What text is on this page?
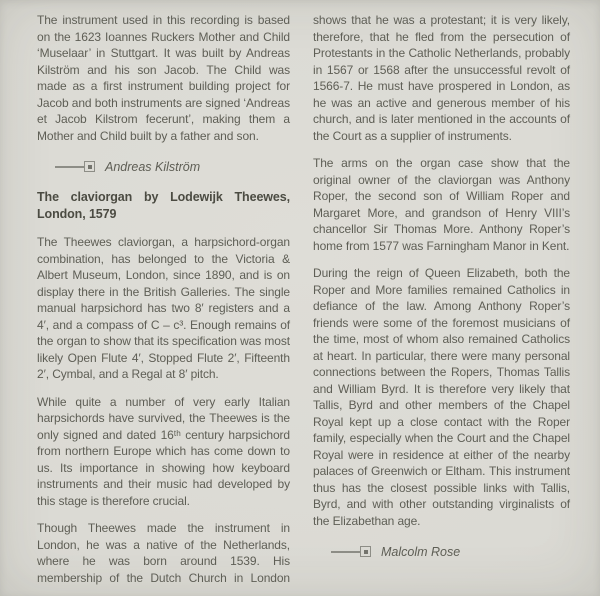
The instrument used in this recording is based on the 1623 Ioannes Ruckers Mother and Child ‘Muselaar’ in Stuttgart. It was built by Andreas Kilström and his son Jacob. The Child was made as a first instrument building project for Jacob and both instruments are signed ‘Andreas et Jacob Kilstrom fecerunt’, making them a Mother and Child built by a father and son.

Andreas Kilström
The claviorgan by Lodewijk Theewes, London, 1579

The Theewes claviorgan, a harpsichord-organ combination, has belonged to the Victoria & Albert Museum, London, since 1890, and is on display there in the British Galleries. The single manual harpsichord has two 8′ registers and a 4′, and a compass of C – c³. Enough remains of the organ to show that its specification was most likely Open Flute 4′, Stopped Flute 2′, Fifteenth 2′, Cymbal, and a Regal at 8′ pitch.

While quite a number of very early Italian harpsichords have survived, the Theewes is the only signed and dated 16ᵗʰ century harpsichord from northern Europe which has come down to us. Its importance in showing how keyboard instruments and their music had developed by this stage is therefore crucial.

Though Theewes made the instrument in London, he was a native of the Netherlands, where he was born around 1539. His membership of the Dutch Church in London

shows that he was a protestant; it is very likely, therefore, that he fled from the persecution of Protestants in the Catholic Netherlands, probably in 1567 or 1568 after the unsuccessful revolt of 1566-7. He must have prospered in London, as he was an active and generous member of his church, and is later mentioned in the accounts of the Court as a supplier of instruments.

The arms on the organ case show that the original owner of the claviorgan was Anthony Roper, the second son of William Roper and Margaret More, and grandson of Henry VIII’s chancellor Sir Thomas More. Anthony Roper’s home from 1577 was Farningham Manor in Kent.

During the reign of Queen Elizabeth, both the Roper and More families remained Catholics in defiance of the law. Among Anthony Roper’s friends were some of the foremost musicians of the time, most of whom also remained Catholics at heart. In particular, there were many personal connections between the Ropers, Thomas Tallis and William Byrd. It is therefore very likely that Tallis, Byrd and other members of the Chapel Royal kept up a close contact with the Roper family, especially when the Court and the Chapel Royal were in residence at either of the nearby palaces of Greenwich or Eltham. This instrument thus has the closest possible links with Tallis, Byrd, and with other outstanding virginalists of the Elizabethan age.

Malcolm Rose
